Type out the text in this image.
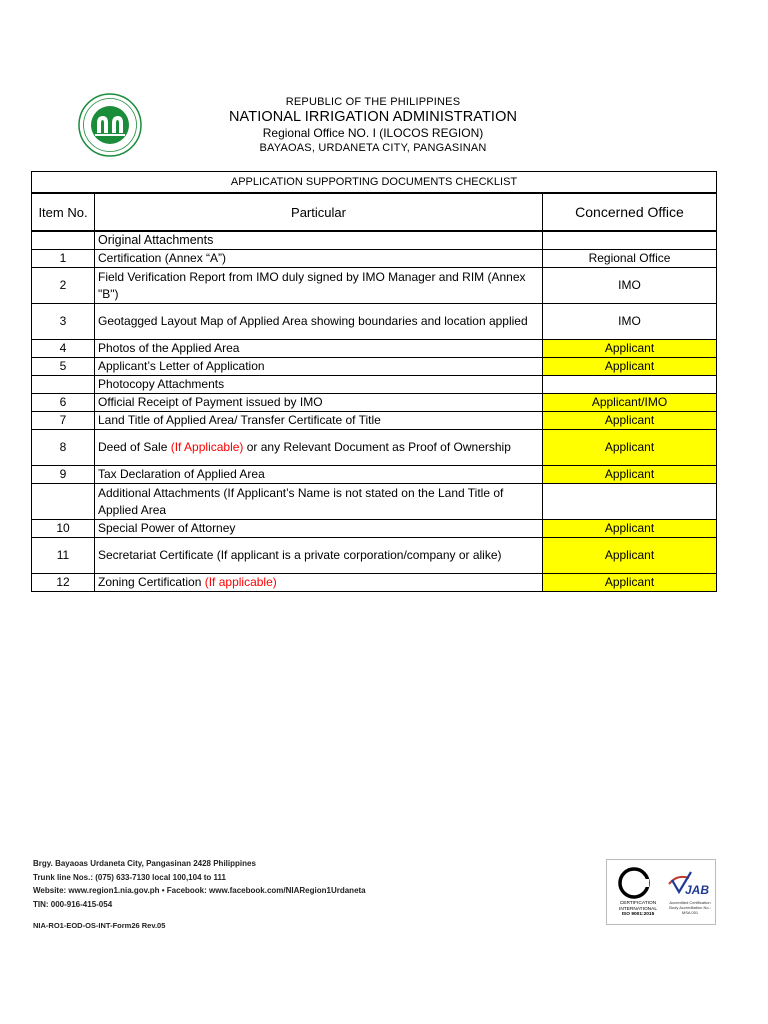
· · · · · · · · · ·
· · · · · · · ·
REPUBLIC OF THE PHILIPPINES
NATIONAL IRRIGATION ADMINISTRATION
Regional Office NO. I (ILOCOS REGION)
BAYAOAS, URDANETA CITY, PANGASINAN
APPLICATION SUPPORTING DOCUMENTS CHECKLIST		
Item No.	Particular	Concerned Office
	Original Attachments	
1	Certification (Annex “A”)	Regional Office
2	Field Verification Report from IMO duly signed by IMO Manager and RIM (Annex "B")	IMO
3	Geotagged Layout Map of Applied Area showing boundaries and location applied	IMO
4	Photos of the Applied Area	Applicant
5	Applicant’s Letter of Application	Applicant
	Photocopy Attachments	
6	Official Receipt of Payment issued by IMO	Applicant/IMO
7	Land Title of Applied Area/ Transfer Certificate of Title	Applicant
8	Deed of Sale (If Applicable) or any Relevant Document as Proof of Ownership	Applicant
9	Tax Declaration of Applied Area	Applicant
	Additional Attachments (If Applicant’s Name is not stated on the Land Title of Applied Area	
10	Special Power of Attorney	Applicant
11	Secretariat Certificate (If applicant is a private corporation/company or alike)	Applicant
12	Zoning Certification (If applicable)	Applicant
Brgy. Bayaoas Urdaneta City, Pangasinan 2428 Philippines
Trunk line Nos.: (075) 633-7130 local 100,104 to 111
Website: www.region1.nia.gov.ph • Facebook: www.facebook.com/NIARegion1Urdaneta
TIN: 000-916-415-054
NIA-RO1-EOD-OS-INT-Form26 Rev.05
CERTIFICATION
INTERNATIONAL
ISO 9001:2015
JAB
Accredited Certification Body Accreditation No.: MSA 051
